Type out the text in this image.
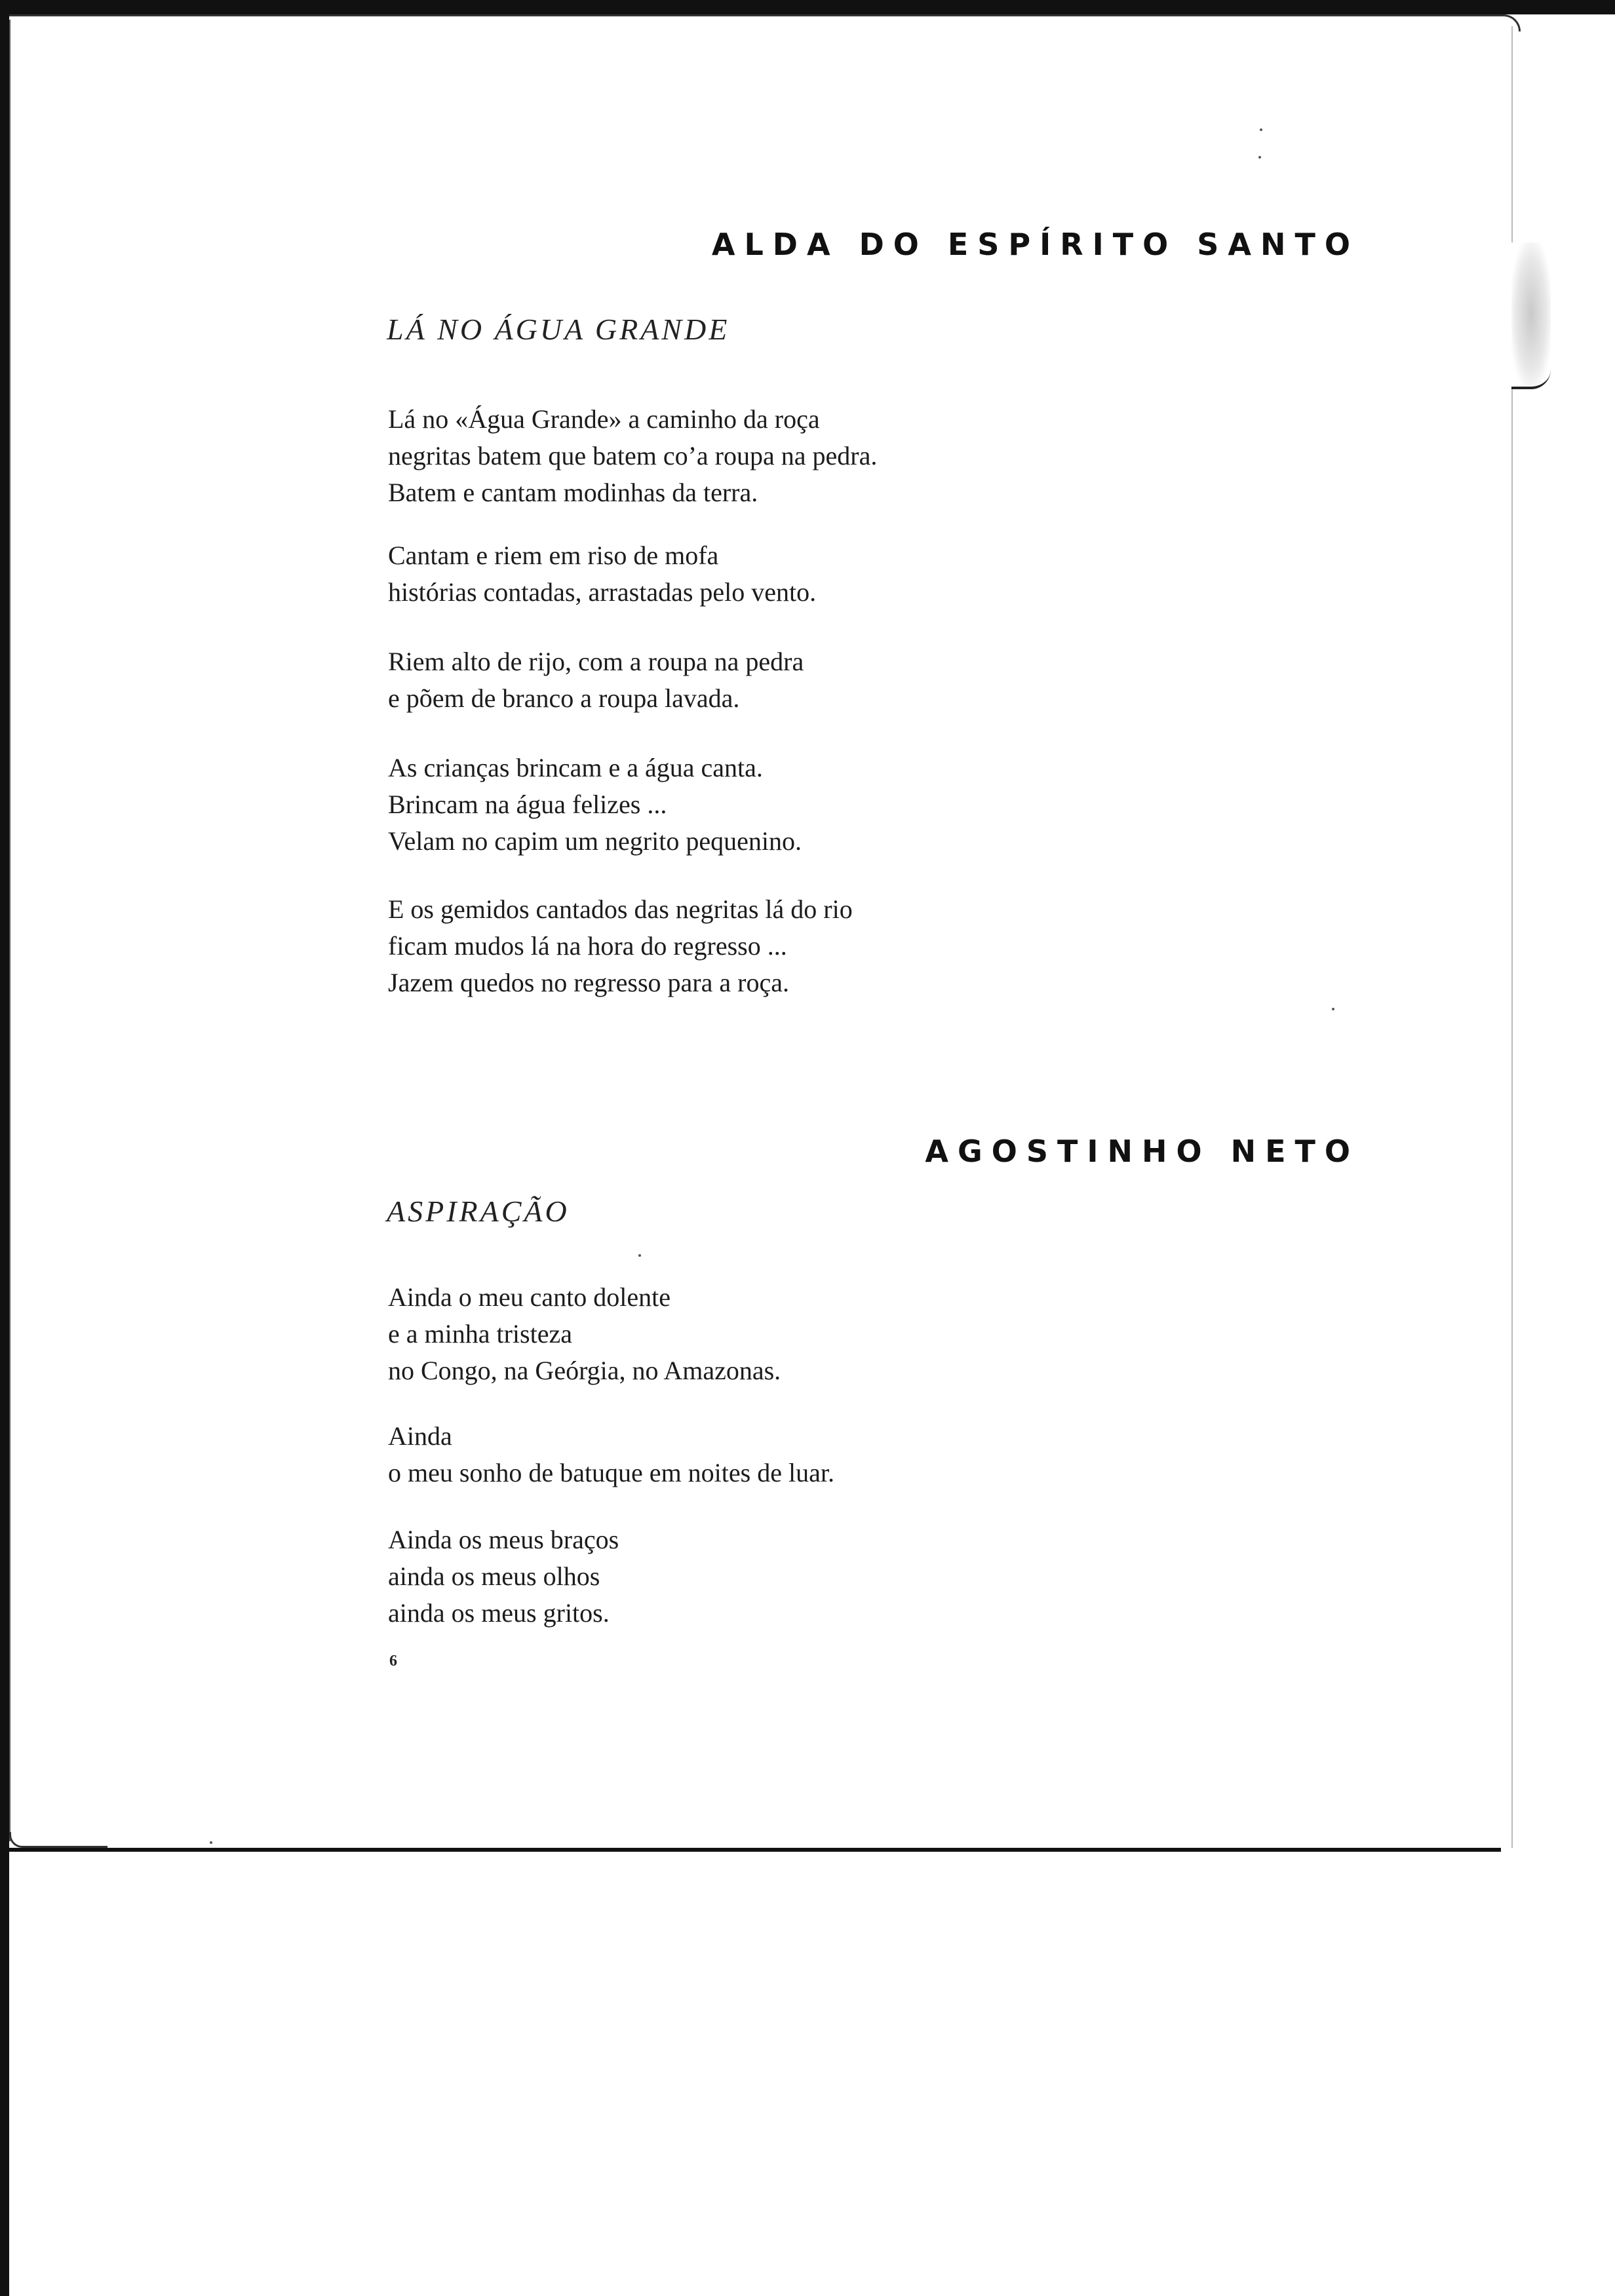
ALDA DO ESPÍRITO SANTO
LÁ NO ÁGUA GRANDE
Lá no «Água Grande» a caminho da roça
negritas batem que batem co’a roupa na pedra.
Batem e cantam modinhas da terra.
Cantam e riem em riso de mofa
histórias contadas, arrastadas pelo vento.
Riem alto de rijo, com a roupa na pedra
e põem de branco a roupa lavada.
As crianças brincam e a água canta.
Brincam na água felizes ...
Velam no capim um negrito pequenino.
E os gemidos cantados das negritas lá do rio
ficam mudos lá na hora do regresso ...
Jazem quedos no regresso para a roça.
AGOSTINHO NETO
ASPIRAÇÃO
Ainda o meu canto dolente
e a minha tristeza
no Congo, na Geórgia, no Amazonas.
Ainda
o meu sonho de batuque em noites de luar.
Ainda os meus braços
ainda os meus olhos
ainda os meus gritos.
6
